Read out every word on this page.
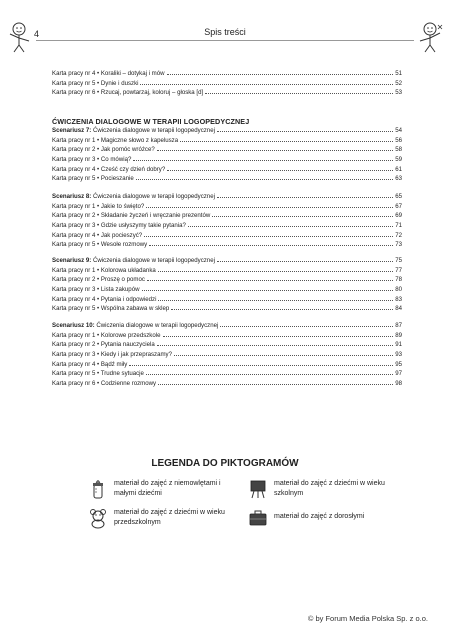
4	Spis treści
Karta pracy nr 4 • Koraliki – dotykaj i mów	51
Karta pracy nr 5 • Dynie i duszki	52
Karta pracy nr 6 • Rzucaj, powtarzaj, koloruj – głoska [d]	53
ĆWICZENIA DIALOGOWE W TERAPII LOGOPEDYCZNEJ
Scenariusz 7: Ćwiczenia dialogowe w terapii logopedycznej	54
Karta pracy nr 1 • Magiczne słowo z kapelusza	56
Karta pracy nr 2 • Jak pomóc wróżce?	58
Karta pracy nr 3 • Co mówią?	59
Karta pracy nr 4 • Cześć czy dzień dobry?	61
Karta pracy nr 5 • Pocieszanie	63
Scenariusz 8: Ćwiczenia dialogowe w terapii logopedycznej	65
Karta pracy nr 1 • Jakie to święto?	67
Karta pracy nr 2 • Składanie życzeń i wręczanie prezentów	69
Karta pracy nr 3 • Gdzie usłyszymy takie pytania?	71
Karta pracy nr 4 • Jak pocieszyć?	72
Karta pracy nr 5 • Wesołe rozmowy	73
Scenariusz 9: Ćwiczenia dialogowe w terapii logopedycznej	75
Karta pracy nr 1 • Kolorowa układanka	77
Karta pracy nr 2 • Proszę o pomoc	78
Karta pracy nr 3 • Lista zakupów	80
Karta pracy nr 4 • Pytania i odpowiedzi	83
Karta pracy nr 5 • Wspólna zabawa w sklep	84
Scenariusz 10: Ćwiczenia dialogowe w terapii logopedycznej	87
Karta pracy nr 1 • Kolorowe przedszkole	89
Karta pracy nr 2 • Pytania nauczyciela	91
Karta pracy nr 3 • Kiedy i jak przepraszamy?	93
Karta pracy nr 4 • Bądź miły	95
Karta pracy nr 5 • Trudne sytuacje	97
Karta pracy nr 6 • Codzienne rozmowy	98
LEGENDA DO PIKTOGRAMÓW
materiał do zajęć z niemowlętami i małymi dziećmi
materiał do zajęć z dziećmi w wieku szkolnym
materiał do zajęć z dziećmi w wieku przedszkolnym
materiał do zajęć z dorosłymi
© by Forum Media Polska Sp. z o.o.
